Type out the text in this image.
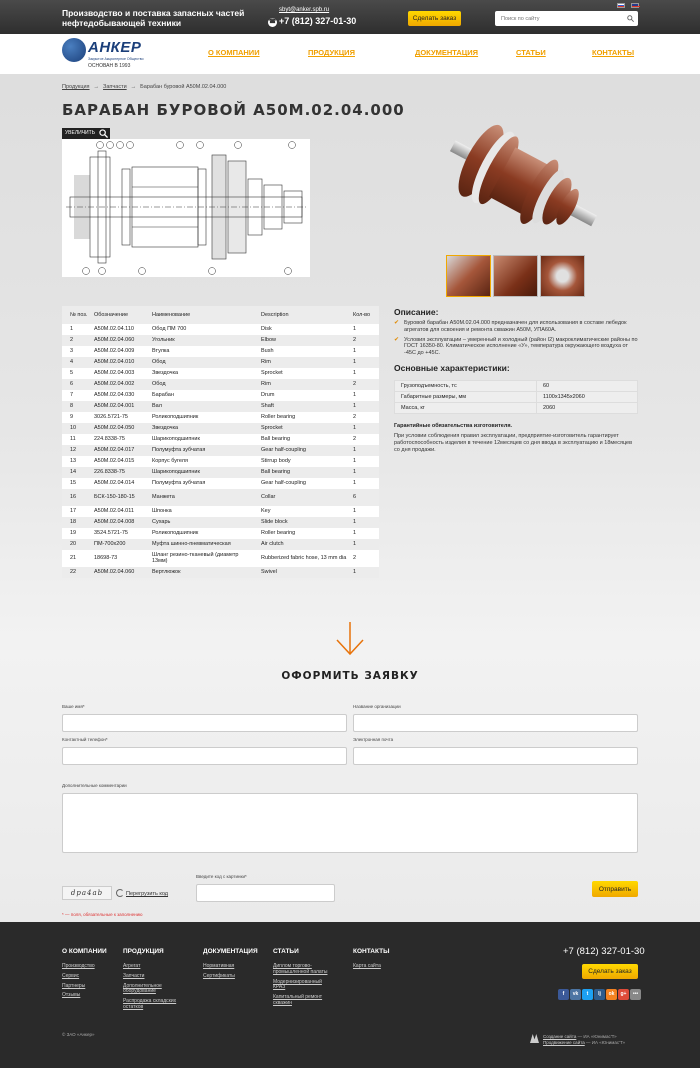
Производство и поставка запасных частей
нефтедобывающей техники
sbyt@anker.spb.ru
☎ +7 (812) 327-01-30	Сделать заказ
Поиск по сайту
АНКЕР
Закрытое Акционерное Общество
ОСНОВАН В 1993
О КОМПАНИИ	ПРОДУКЦИЯ	ДОКУМЕНТАЦИЯ	СТАТЬИ	КОНТАКТЫ
Продукция → Запчасти → Барабан буровой А50М.02.04.000
БАРАБАН БУРОВОЙ А50М.02.04.000
УВЕЛИЧИТЬ
№ поз.	Обозначение	Наименование	Description	Кол-во
1	А50М.02.04.110	Обод ПМ 700	Disk	1
2	А50М.02.04.060	Угольник	Elbow	2
3	А50М.02.04.009	Втулка	Bush	1
4	А50М.02.04.010	Обод	Rim	1
5	А50М.02.04.003	Звездочка	Sprocket	1
6	А50М.02.04.002	Обод	Rim	2
7	А50М.02.04.030	Барабан	Drum	1
8	А50М.02.04.001	Вал	Shaft	1
9	3026.5721-75	Роликоподшипник	Roller bearing	2
10	А50М.02.04.050	Звездочка	Sprocket	1
11	224.8338-75	Шарикоподшипник	Ball bearing	2
12	А50М.02.04.017	Полумуфта зубчатая	Gear half-coupling	1
13	А50М.02.04.015	Корпус бугеля	Stirrup body	1
14	226.8338-75	Шарикоподшипник	Ball bearing	1
15	А50М.02.04.014	Полумуфта зубчатая	Gear half-coupling	1
16	БСК-150-180-15	Манжета	Collar	6
17	А50М.02.04.011	Шпонка	Key	1
18	А50М.02.04.008	Сухарь	Slide block	1
19	3524.5721-75	Роликоподшипник	Roller bearing	1
20	ПМ-700х200	Муфта шинно-пневматическая	Air clutch	1
21	18698-73	Шланг резино-тканевый (диаметр 13мм)	Rubberized fabric hose, 13 mm dia	2
22	А50М.02.04.060	Вертлюжок	Swivel	1
Описание:
✔ Буровой барабан А50М.02.04.000 предназначен для использования в составе лебедок агрегатов для освоения и ремонта скважин А50М, УПА60А.
✔ Условия эксплуатации – умеренный и холодный (район I2) макроклиматические районы по ГОСТ 16350-80. Климатическое исполнение «У», температура окружающего воздуха от -45С до +45С.
Основные характеристики:
Грузоподъемность, тс	60
Габаритные размеры, мм	1100х1345х2060
Масса, кг	2060
Гарантийные обязательства изготовителя.
При условии соблюдения правил эксплуатации, предприятие-изготовитель гарантирует работоспособность изделия в течение 12месяцев со дня ввода в эксплуатацию и 18месяцев со дня продажи.
ОФОРМИТЬ ЗАЯВКУ
Ваше имя*	Название организации
Контактный телефон*	Электронная почта
Дополнительные комментарии
dpa4ab	Перегрузить код
Введите код с картинки*
Отправить
* — поля, обязательные к заполнению
О КОМПАНИИ
Производство
Сервис
Партнеры
Отзывы
ПРОДУКЦИЯ
Агрегат
Запчасти
Дополнительное оборудование
Распродажа складских остатков
ДОКУМЕНТАЦИЯ
Нормативная
Сертификаты
СТАТЬИ
Диплом торгово-промышленной палаты
Модернизированный КРАЗ
Капитальный ремонт скважин
КОНТАКТЫ
Карта сайта
+7 (812) 327-01-30
Сделать заказ
f	vk	t	lj	ok	g+	•••
© ЗАО «Анкер»	Создание сайта — ИА «Юнимас'Т»
Продвижение сайта — ИА «Юнимас'Т»
